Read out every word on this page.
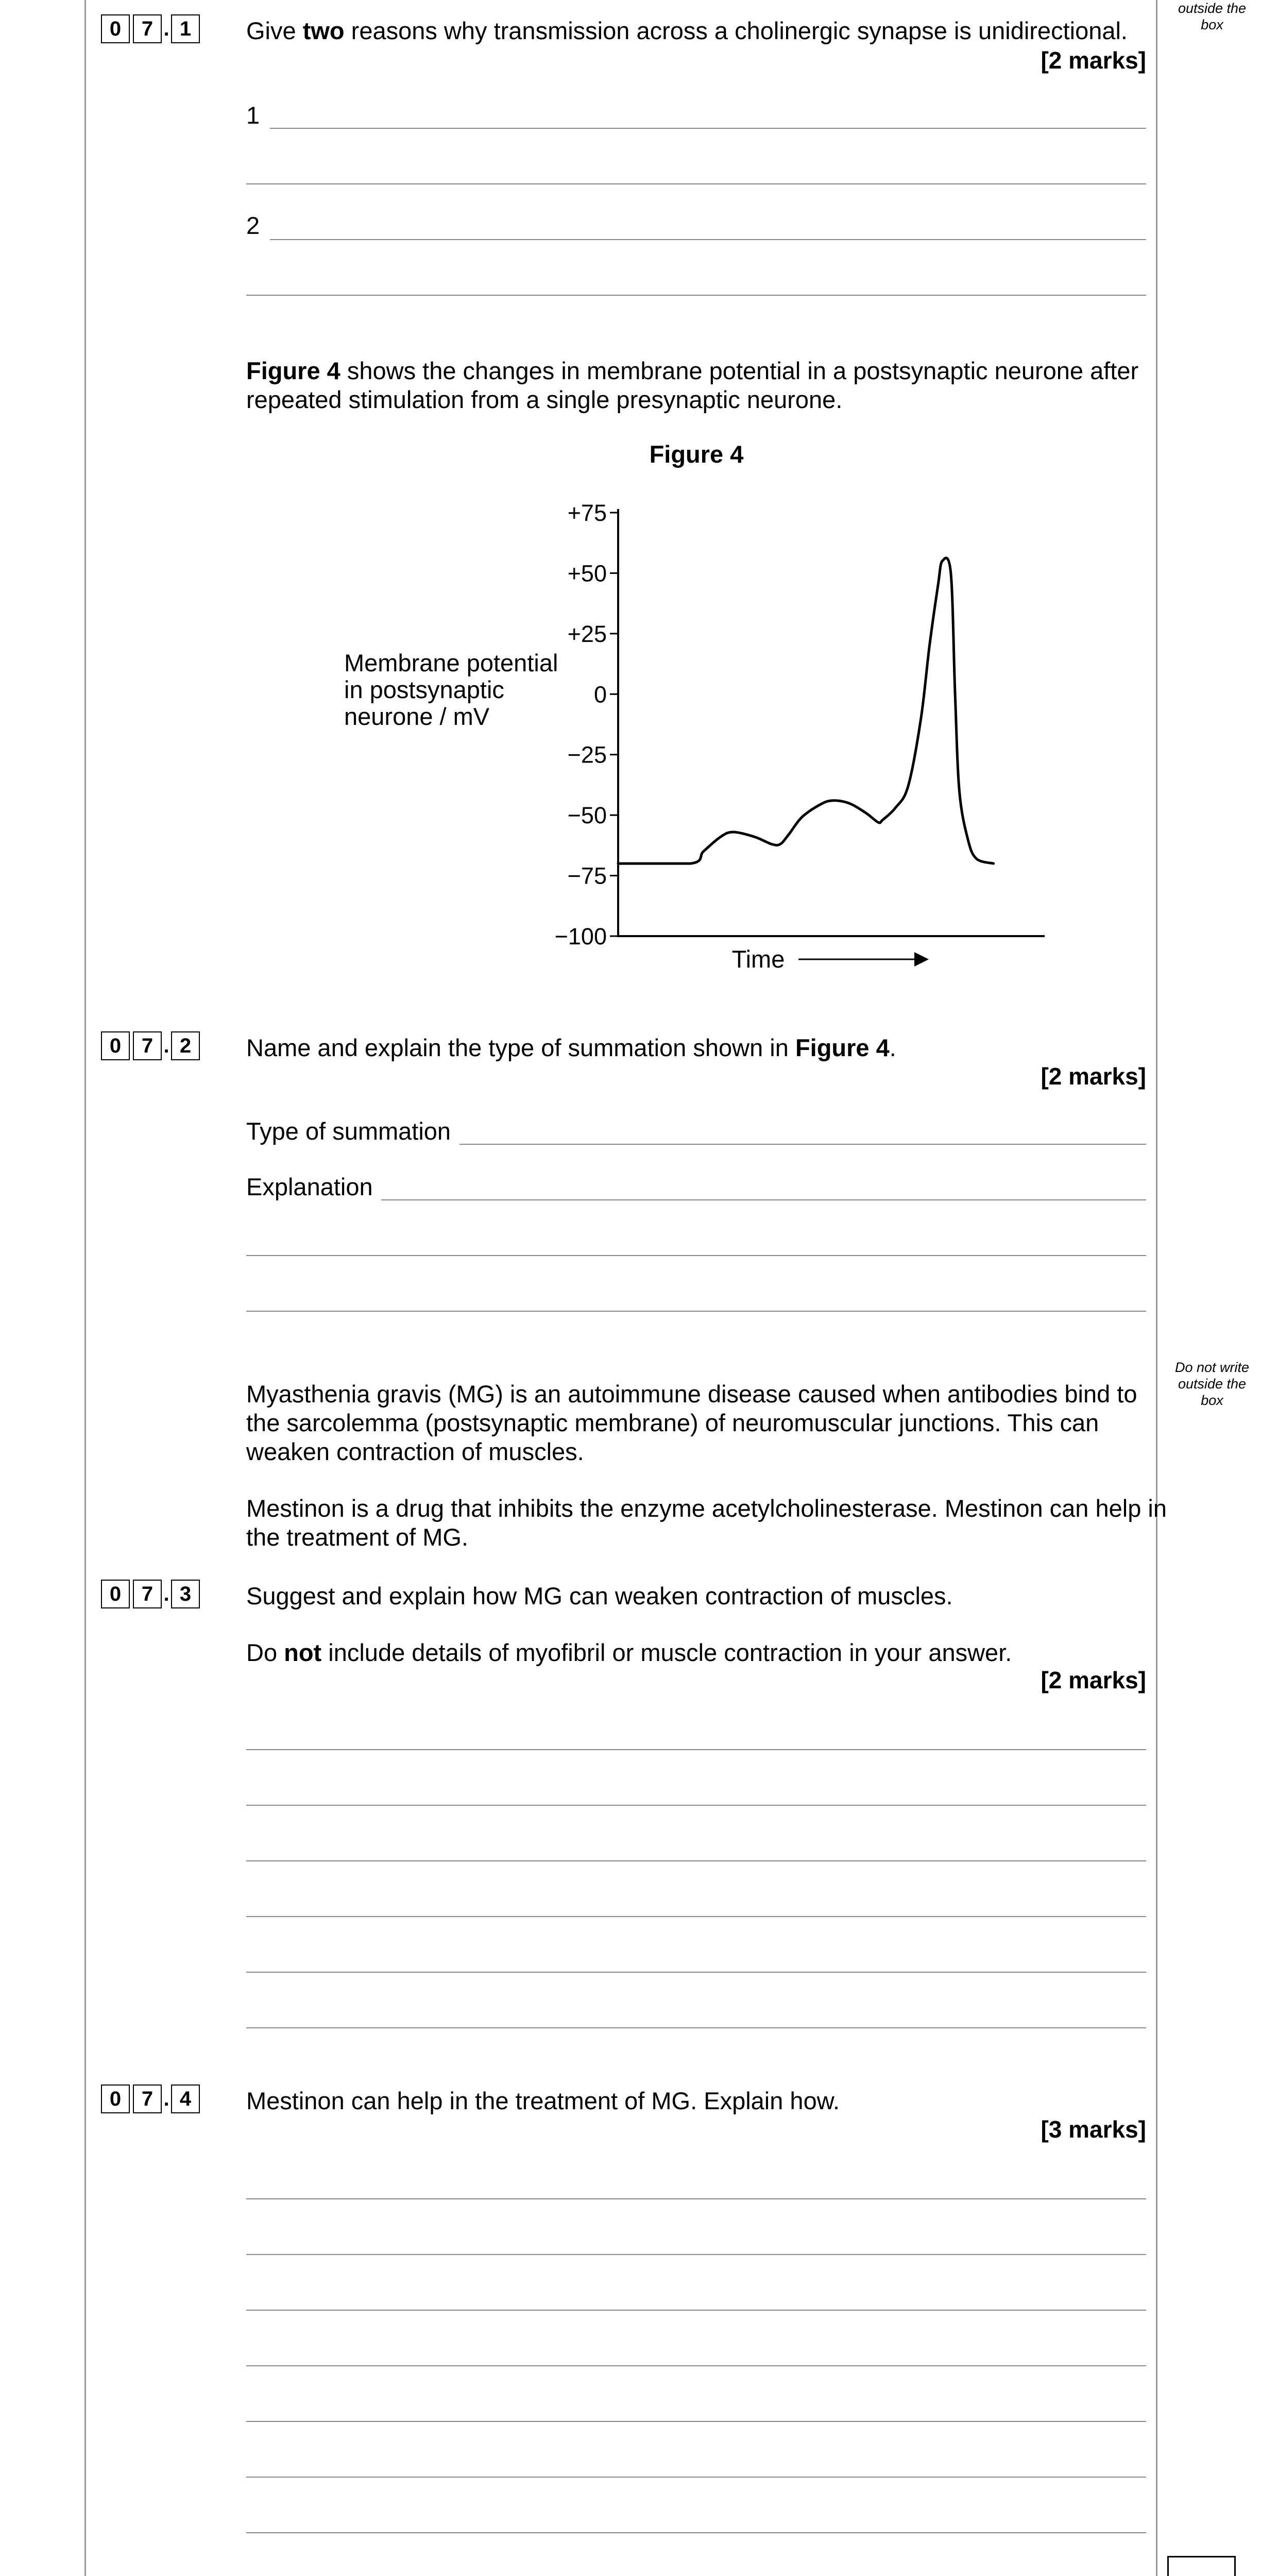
outside the box
Do not write outside the box
0 7 . 1	Give two reasons why transmission across a cholinergic synapse is unidirectional.
[2 marks]
1
2
Figure 4 shows the changes in membrane potential in a postsynaptic neurone after
repeated stimulation from a single presynaptic neurone.
Figure 4
Membrane potential
in postsynaptic
neurone / mV
+75
+50
+25
0
−25
−50
−75
−100
Time
0 7 . 2	Name and explain the type of summation shown in Figure 4.
[2 marks]
Type of summation
Explanation
Myasthenia gravis (MG) is an autoimmune disease caused when antibodies bind to the sarcolemma (postsynaptic membrane) of neuromuscular junctions. This can weaken contraction of muscles.
Mestinon is a drug that inhibits the enzyme acetylcholinesterase. Mestinon can help in the treatment of MG.
0 7 . 3	Suggest and explain how MG can weaken contraction of muscles.
Do not include details of myofibril or muscle contraction in your answer.
[2 marks]
0 7 . 4	Mestinon can help in the treatment of MG. Explain how.
[3 marks]
